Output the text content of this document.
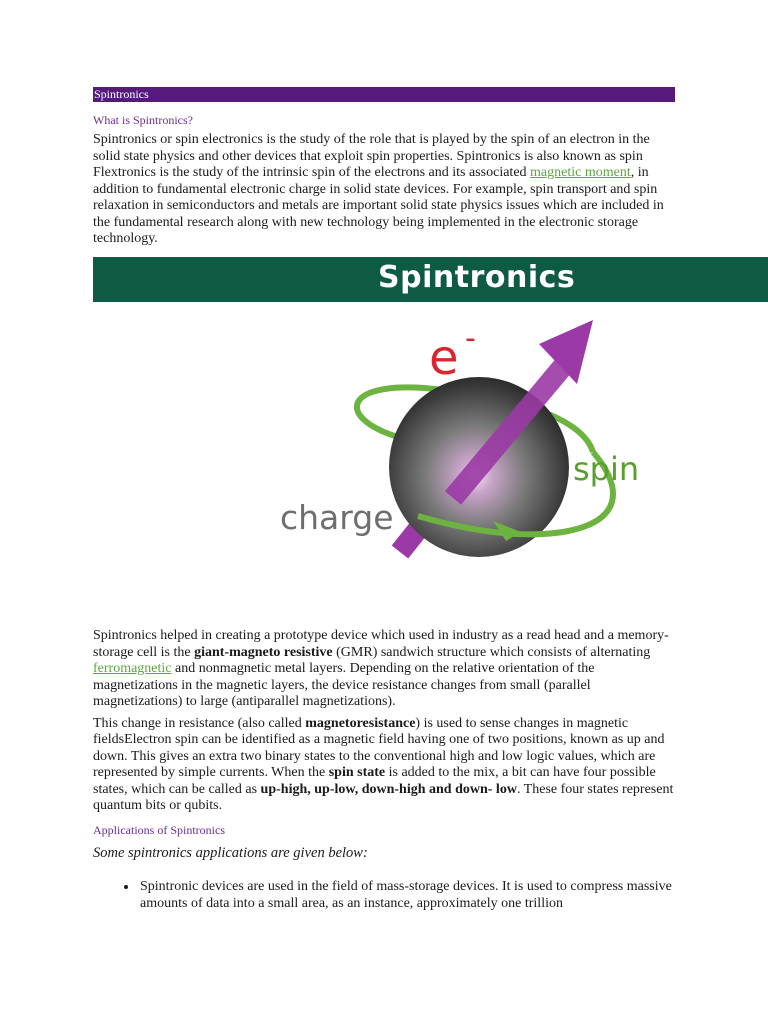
Spintronics
What is Spintronics?

Spintronics or spin electronics is the study of the role that is played by the spin of an electron in the solid state physics and other devices that exploit spin properties. Spintronics is also known as spin Flextronics is the study of the intrinsic spin of the electrons and its associated magnetic moment, in addition to fundamental electronic charge in solid state devices. For example, spin transport and spin relaxation in semiconductors and metals are important solid state physics issues which are included in the fundamental research along with new technology being implemented in the electronic storage technology.

Spintronics
e -
spin
charge

Spintronics helped in creating a prototype device which used in industry as a read head and a memory-storage cell is the giant-magneto resistive (GMR) sandwich structure which consists of alternating ferromagnetic and nonmagnetic metal layers. Depending on the relative orientation of the magnetizations in the magnetic layers, the device resistance changes from small (parallel magnetizations) to large (antiparallel magnetizations).

This change in resistance (also called magnetoresistance) is used to sense changes in magnetic fieldsElectron spin can be identified as a magnetic field having one of two positions, known as up and down. This gives an extra two binary states to the conventional high and low logic values, which are represented by simple currents. When the spin state is added to the mix, a bit can have four possible states, which can be called as up-high, up-low, down-high and down- low. These four states represent quantum bits or qubits.

Applications of Spintronics
Some spintronics applications are given below:
• Spintronic devices are used in the field of mass-storage devices. It is used to compress massive amounts of data into a small area, as an instance, approximately one trillion
